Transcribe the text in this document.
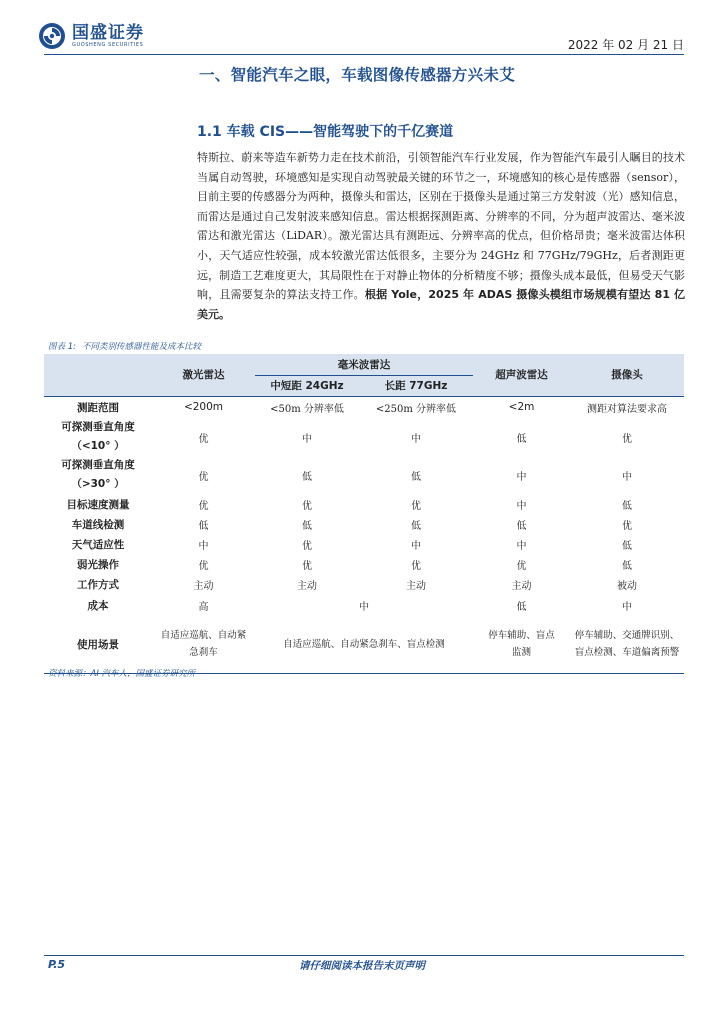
国盛证券
GUOSHENG SECURITIES	2022 年 02 月 21 日
一、智能汽车之眼，车载图像传感器方兴未艾
1.1 车载 CIS——智能驾驶下的千亿赛道
特斯拉、蔚来等造车新势力走在技术前沿，引领智能汽车行业发展，作为智能汽车最引人瞩目的技术当属自动驾驶，环境感知是实现自动驾驶最关键的环节之一，环境感知的核心是传感器（sensor），目前主要的传感器分为两种，摄像头和雷达，区别在于摄像头是通过第三方发射波（光）感知信息，而雷达是通过自己发射波来感知信息。雷达根据探测距离、分辨率的不同，分为超声波雷达、毫米波雷达和激光雷达（LiDAR）。激光雷达具有测距远、分辨率高的优点，但价格昂贵；毫米波雷达体积小，天气适应性较强，成本较激光雷达低很多，主要分为 24GHz 和 77GHz/79GHz，后者测距更远，制造工艺难度更大，其局限性在于对静止物体的分析精度不够；摄像头成本最低，但易受天气影响，且需要复杂的算法支持工作。根据 Yole，2025 年 ADAS 摄像头模组市场规模有望达 81 亿美元。
图表 1: 不同类别传感器性能及成本比较
	激光雷达	毫米波雷达		超声波雷达	摄像头
		中短距 24GHz	长距 77GHz		
测距范围	<200m	<50m 分辨率低	<250m 分辨率低	<2m	测距对算法要求高
可探测垂直角度（<10° ）	优	中	中	低	优
可探测垂直角度（>30° ）	优	低	低	中	中
目标速度测量	优	优	优	中	低
车道线检测	低	低	低	低	优
天气适应性	中	优	中	中	低
弱光操作	优	优	优	优	低
工作方式	主动	主动	主动	主动	被动
成本	高	中		低	中
使用场景	自适应巡航、自动紧急刹车	自适应巡航、自动紧急刹车、盲点检测		停车辅助、盲点监测	停车辅助、交通牌识别、盲点检测、车道偏离预警
资料来源：AI 汽车人，国盛证券研究所
P.5	请仔细阅读本报告末页声明
